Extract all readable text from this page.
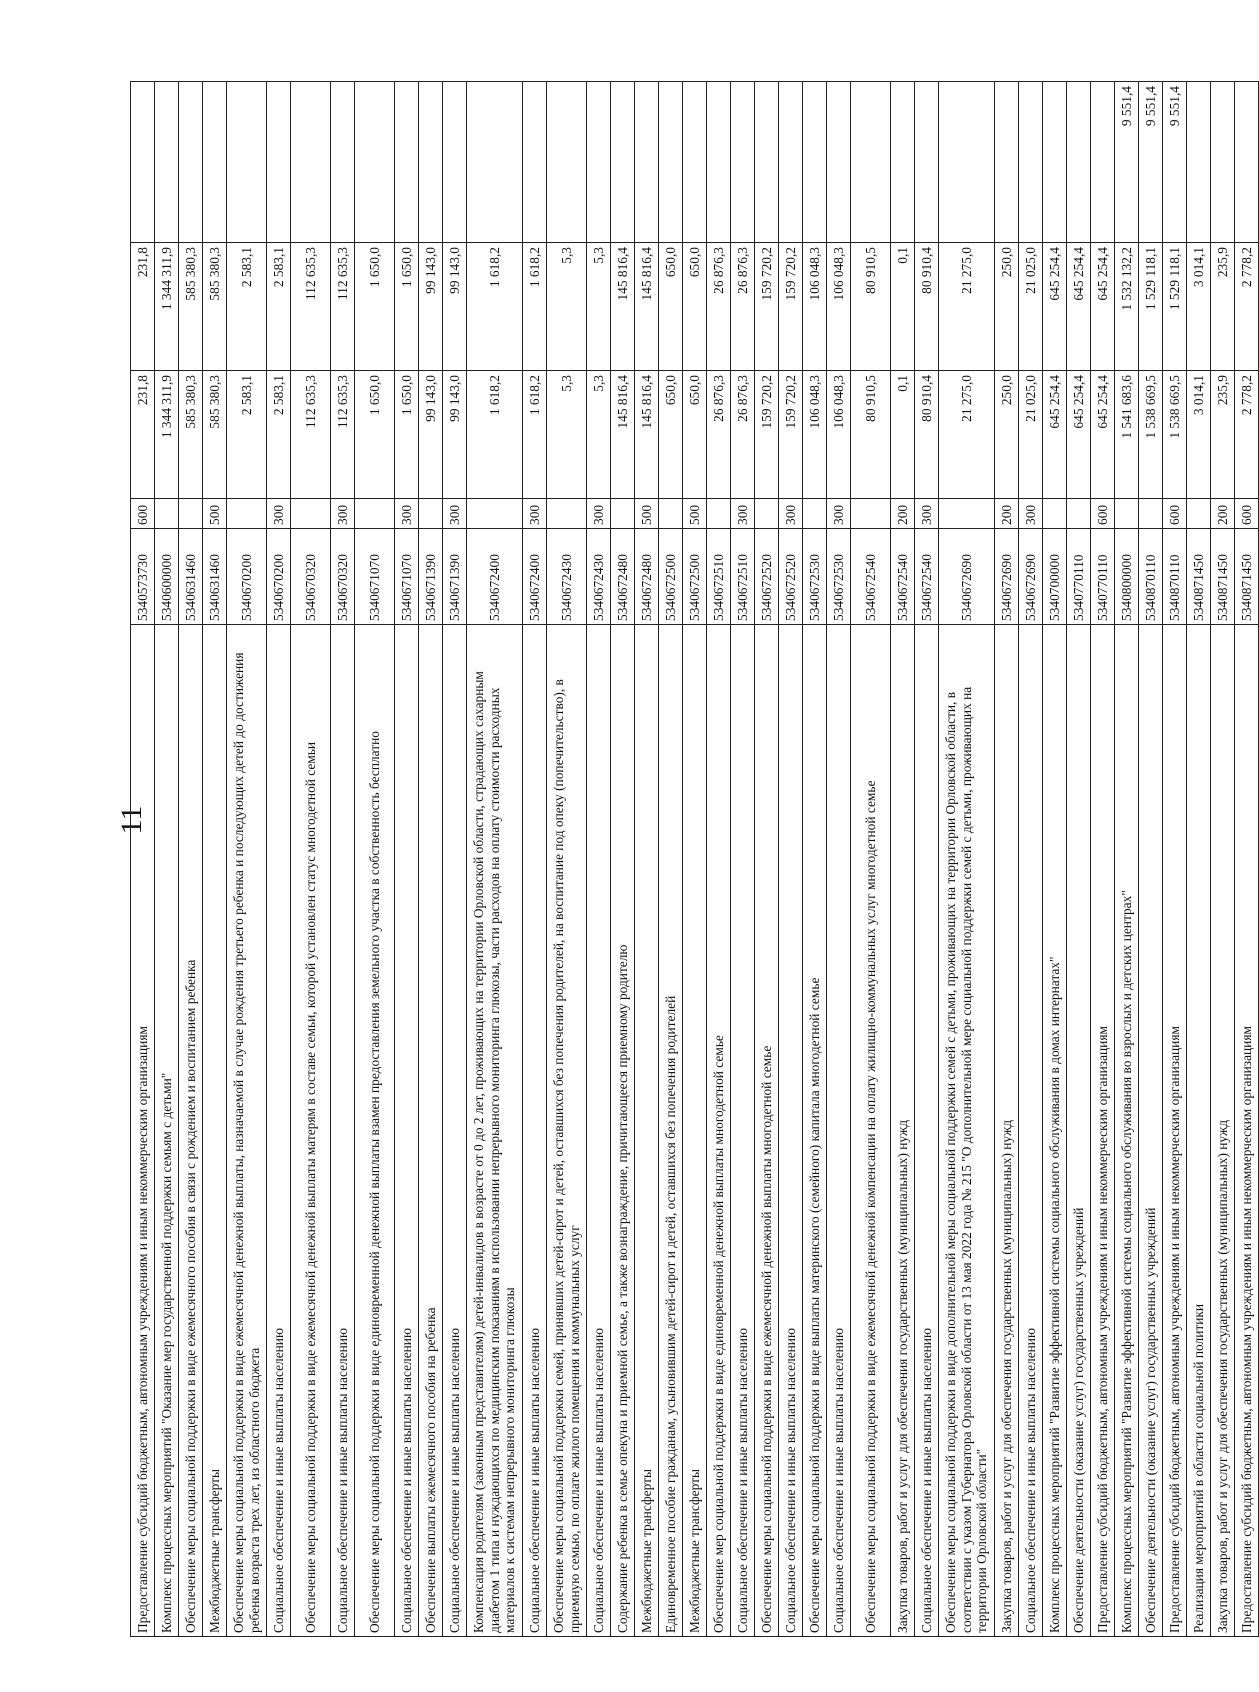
11
Предоставление субсидий бюджетным, автономным учреждениям и иным некоммерческим организациям	5340573730	600	231,8	231,8	
Комплекс процессных мероприятий "Оказание мер государственной поддержки семьям с детьми"	5340600000		1 344 311,9	1 344 311,9	
Обеспечение меры социальной поддержки в виде ежемесячного пособия в связи с рождением и воспитанием ребенка	5340631460		585 380,3	585 380,3	
Межбюджетные трансферты	5340631460	500	585 380,3	585 380,3	
Обеспечение меры социальной поддержки в виде ежемесячной денежной выплаты, назначаемой в случае рождения третьего ребенка и последующих детей до достижения ребенка возраста трех лет, из областного бюджета	5340670200		2 583,1	2 583,1	
Социальное обеспечение и иные выплаты населению	5340670200	300	2 583,1	2 583,1	
Обеспечение меры социальной поддержки в виде ежемесячной денежной выплаты матерям в составе семьи, которой установлен статус многодетной семьи	5340670320		112 635,3	112 635,3	
Социальное обеспечение и иные выплаты населению	5340670320	300	112 635,3	112 635,3	
Обеспечение меры социальной поддержки в виде единовременной денежной выплаты взамен предоставления земельного участка в собственность бесплатно	5340671070		1 650,0	1 650,0	
Социальное обеспечение и иные выплаты населению	5340671070	300	1 650,0	1 650,0	
Обеспечение выплаты ежемесячного пособия на ребенка	5340671390		99 143,0	99 143,0	
Социальное обеспечение и иные выплаты населению	5340671390	300	99 143,0	99 143,0	
Компенсация родителям (законным представителям) детей-инвалидов в возрасте от 0 до 2 лет, проживающих на территории Орловской области, страдающих сахарным диабетом 1 типа и нуждающихся по медицинским показаниям в использовании непрерывного мониторинга глюкозы, части расходов на оплату стоимости расходных материалов к системам непрерывного мониторинга глюкозы	5340672400		1 618,2	1 618,2	
Социальное обеспечение и иные выплаты населению	5340672400	300	1 618,2	1 618,2	
Обеспечение меры социальной поддержки семей, принявших детей-сирот и детей, оставшихся без попечения родителей, на воспитание под опеку (попечительство), в приемную семью, по оплате жилого помещения и коммунальных услуг	5340672430		5,3	5,3	
Социальное обеспечение и иные выплаты населению	5340672430	300	5,3	5,3	
Содержание ребенка в семье опекуна и приемной семье, а также вознаграждение, причитающееся приемному родителю	5340672480		145 816,4	145 816,4	
Межбюджетные трансферты	5340672480	500	145 816,4	145 816,4	
Единовременное пособие гражданам, усыновившим детей-сирот и детей, оставшихся без попечения родителей	5340672500		650,0	650,0	
Межбюджетные трансферты	5340672500	500	650,0	650,0	
Обеспечение мер социальной поддержки в виде единовременной денежной выплаты многодетной семье	5340672510		26 876,3	26 876,3	
Социальное обеспечение и иные выплаты населению	5340672510	300	26 876,3	26 876,3	
Обеспечение меры социальной поддержки в виде ежемесячной денежной выплаты многодетной семье	5340672520		159 720,2	159 720,2	
Социальное обеспечение и иные выплаты населению	5340672520	300	159 720,2	159 720,2	
Обеспечение меры социальной поддержки в виде выплаты материнского (семейного) капитала многодетной семье	5340672530		106 048,3	106 048,3	
Социальное обеспечение и иные выплаты населению	5340672530	300	106 048,3	106 048,3	
Обеспечение меры социальной поддержки в виде ежемесячной денежной компенсации на оплату жилищно-коммунальных услуг многодетной семье	5340672540		80 910,5	80 910,5	
Закупка товаров, работ и услуг для обеспечения государственных (муниципальных) нужд	5340672540	200	0,1	0,1	
Социальное обеспечение и иные выплаты населению	5340672540	300	80 910,4	80 910,4	
Обеспечение меры социальной поддержки в виде дополнительной меры социальной поддержки семей с детьми, проживающих на территории Орловской области, в соответствии с указом Губернатора Орловской области от 13 мая 2022 года № 215 "О дополнительной мере социальной поддержки семей с детьми, проживающих на территории Орловской области"	5340672690		21 275,0	21 275,0	
Закупка товаров, работ и услуг для обеспечения государственных (муниципальных) нужд	5340672690	200	250,0	250,0	
Социальное обеспечение и иные выплаты населению	5340672690	300	21 025,0	21 025,0	
Комплекс процессных мероприятий "Развитие эффективной системы социального обслуживания в домах интернатах"	5340700000		645 254,4	645 254,4	
Обеспечение деятельности (оказание услуг) государственных учреждений	5340770110		645 254,4	645 254,4	
Предоставление субсидий бюджетным, автономным учреждениям и иным некоммерческим организациям	5340770110	600	645 254,4	645 254,4	
Комплекс процессных мероприятий "Развитие эффективной системы социального обслуживания во взрослых и детских центрах"	5340800000		1 541 683,6	1 532 132,2	9 551,4
Обеспечение деятельности (оказание услуг) государственных учреждений	5340870110		1 538 669,5	1 529 118,1	9 551,4
Предоставление субсидий бюджетным, автономным учреждениям и иным некоммерческим организациям	5340870110	600	1 538 669,5	1 529 118,1	9 551,4
Реализация мероприятий в области социальной политики	5340871450		3 014,1	3 014,1	
Закупка товаров, работ и услуг для обеспечения государственных (муниципальных) нужд	5340871450	200	235,9	235,9	
Предоставление субсидий бюджетным, автономным учреждениям и иным некоммерческим организациям	5340871450	600	2 778,2	2 778,2	
